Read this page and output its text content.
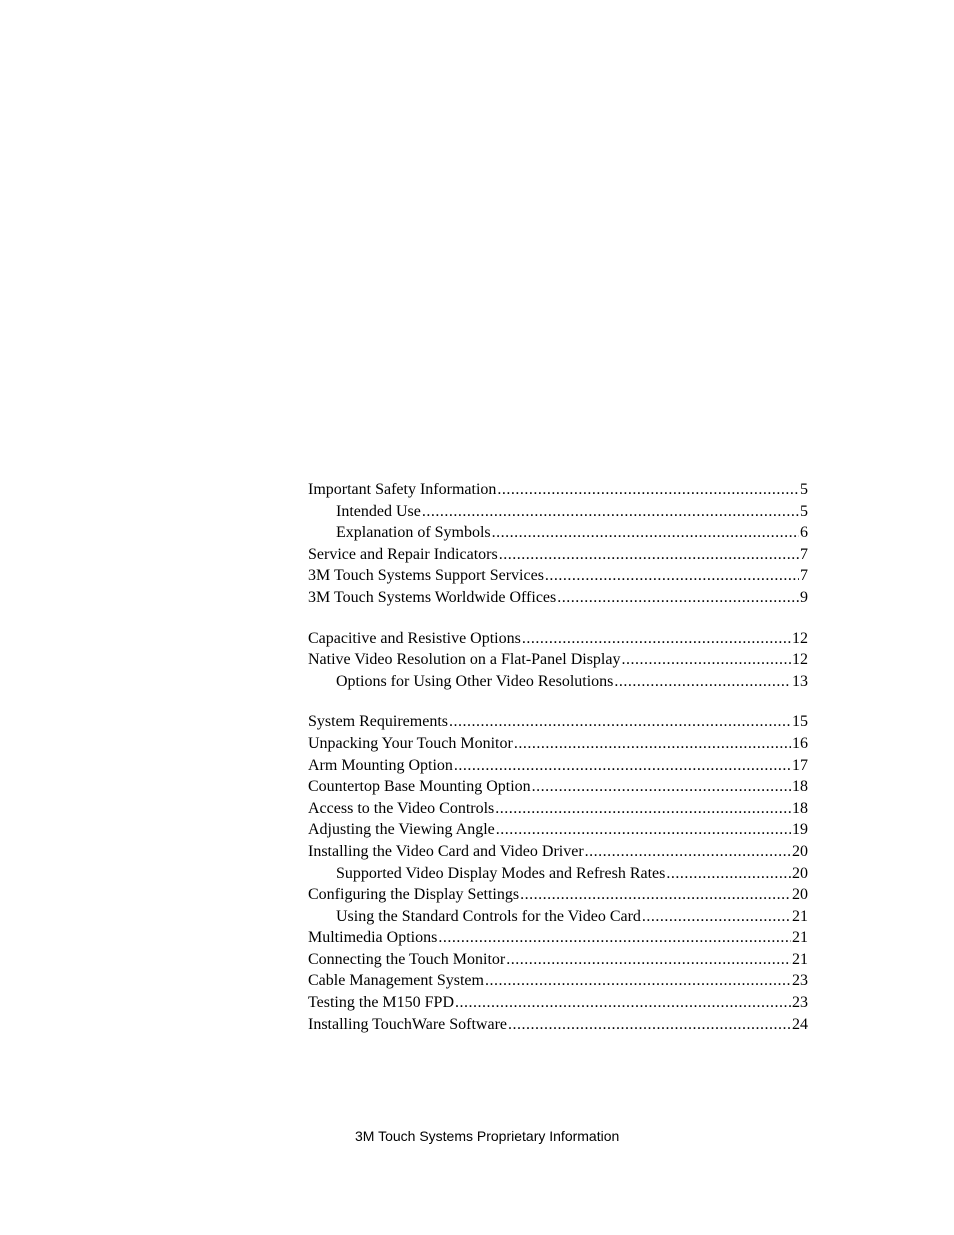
Important Safety Information .....	5
Intended Use .....	5
Explanation of Symbols .....	6
Service and Repair Indicators .....	7
3M Touch Systems Support Services .....	7
3M Touch Systems Worldwide Offices .....	9
Capacitive and Resistive Options .....	12
Native Video Resolution on a Flat-Panel Display .....	12
Options for Using Other Video Resolutions .....	13
System Requirements .....	15
Unpacking Your Touch Monitor .....	16
Arm Mounting Option .....	17
Countertop Base Mounting Option .....	18
Access to the Video Controls .....	18
Adjusting the Viewing Angle .....	19
Installing the Video Card and Video Driver .....	20
Supported Video Display Modes and Refresh Rates .....	20
Configuring the Display Settings .....	20
Using the Standard Controls for the Video Card .....	21
Multimedia Options .....	21
Connecting the Touch Monitor .....	21
Cable Management System .....	23
Testing the M150 FPD .....	23
Installing TouchWare Software .....	24
3M Touch Systems Proprietary Information
